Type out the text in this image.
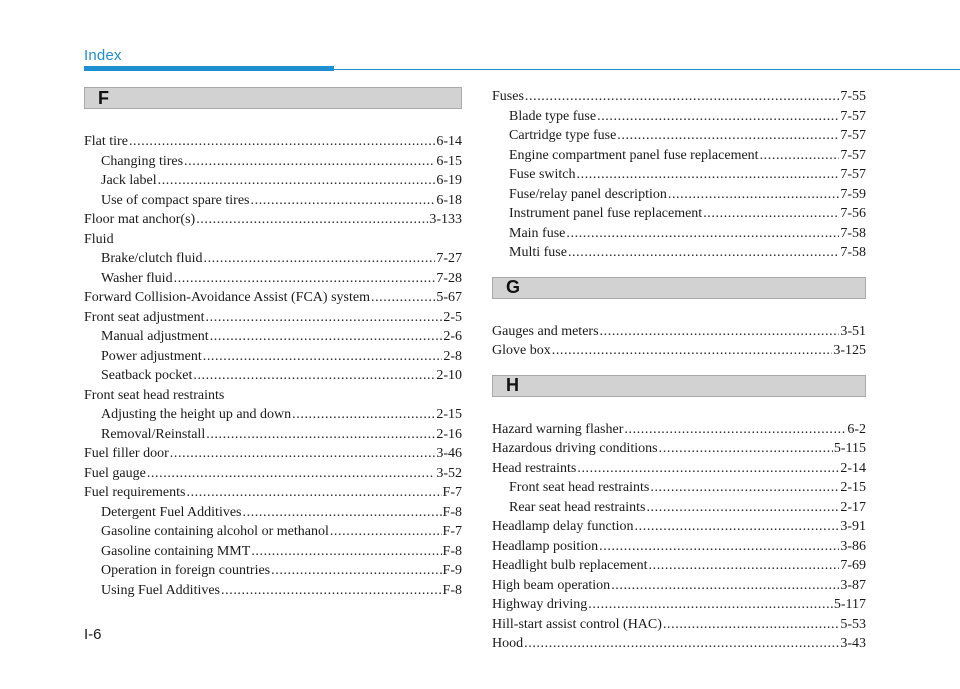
Index
F
Flat tire .....	6-14
Changing tires .....	6-15
Jack label .....	6-19
Use of compact spare tires .....	6-18
Floor mat anchor(s) .....	3-133
Fluid
Brake/clutch fluid .....	7-27
Washer fluid .....	7-28
Forward Collision-Avoidance Assist (FCA) system .....	5-67
Front seat adjustment .....	2-5
Manual adjustment .....	2-6
Power adjustment .....	2-8
Seatback pocket .....	2-10
Front seat head restraints
Adjusting the height up and down .....	2-15
Removal/Reinstall .....	2-16
Fuel filler door .....	3-46
Fuel gauge .....	3-52
Fuel requirements .....	F-7
Detergent Fuel Additives .....	F-8
Gasoline containing alcohol or methanol .....	F-7
Gasoline containing MMT .....	F-8
Operation in foreign countries .....	F-9
Using Fuel Additives .....	F-8
Fuses .....	7-55
Blade type fuse .....	7-57
Cartridge type fuse .....	7-57
Engine compartment panel fuse replacement .....	7-57
Fuse switch .....	7-57
Fuse/relay panel description .....	7-59
Instrument panel fuse replacement .....	7-56
Main fuse .....	7-58
Multi fuse .....	7-58
G
Gauges and meters .....	3-51
Glove box .....	3-125
H
Hazard warning flasher .....	6-2
Hazardous driving conditions .....	5-115
Head restraints .....	2-14
Front seat head restraints .....	2-15
Rear seat head restraints .....	2-17
Headlamp delay function .....	3-91
Headlamp position .....	3-86
Headlight bulb replacement .....	7-69
High beam operation .....	3-87
Highway driving .....	5-117
Hill-start assist control (HAC) .....	5-53
Hood .....	3-43
I-6
